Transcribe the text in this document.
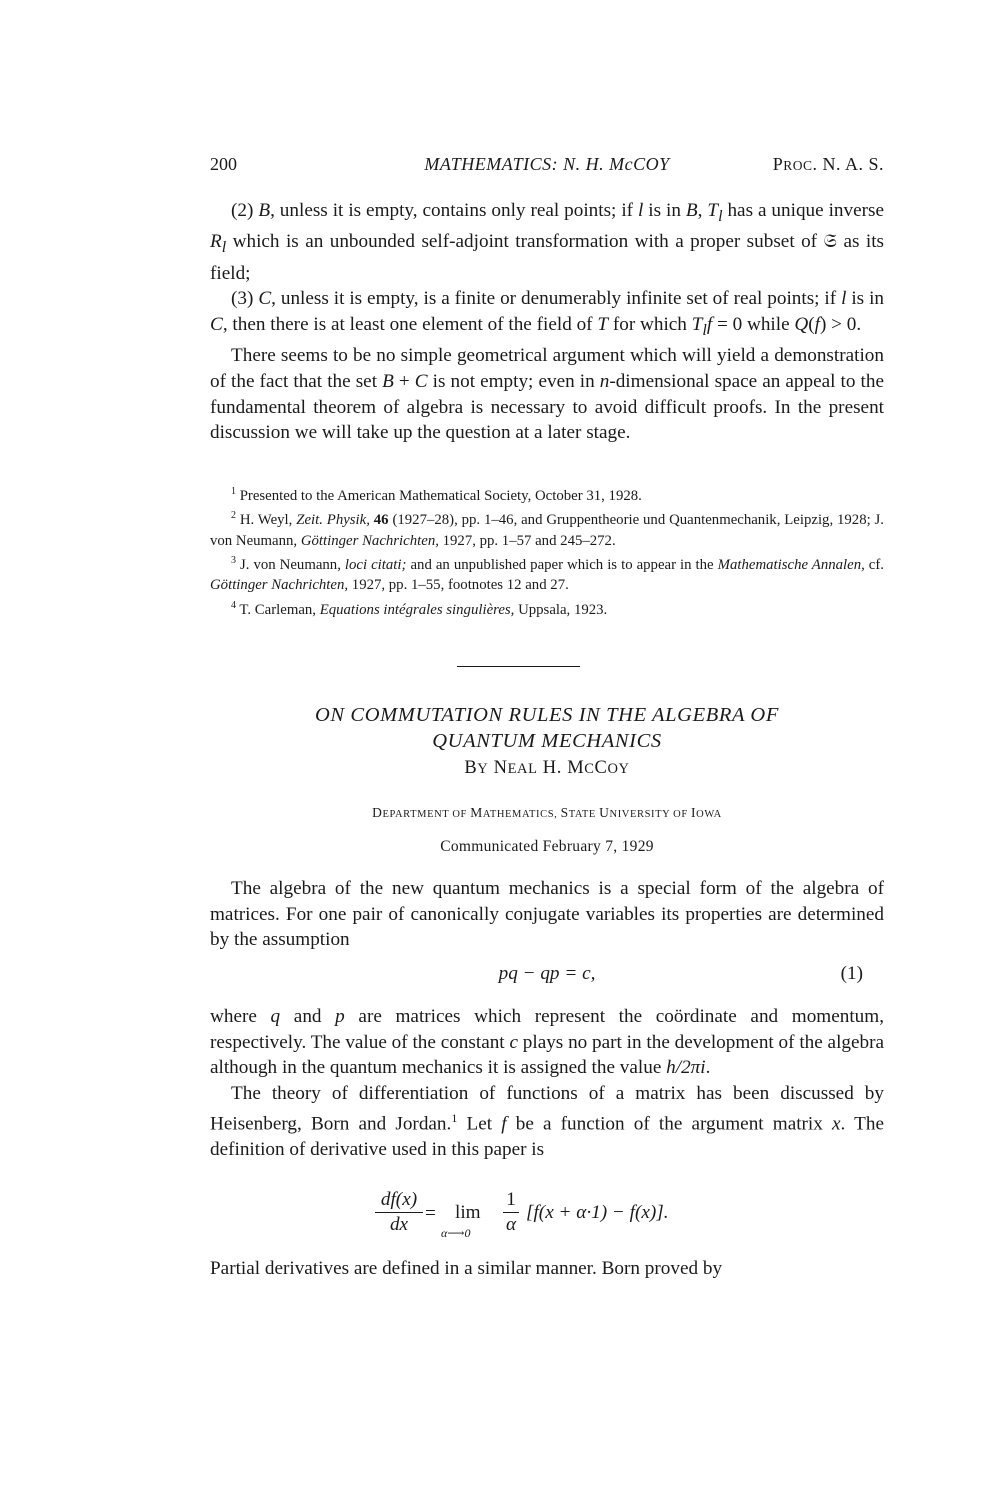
200	MATHEMATICS: N. H. McCOY	PROC. N. A. S.

(2) B, unless it is empty, contains only real points; if l is in B, $T_l$ has a unique inverse $R_l$ which is an unbounded self-adjoint transformation with a proper subset of 𝔖 as its field;

(3) C, unless it is empty, is a finite or denumerably infinite set of real points; if l is in C, then there is at least one element of the field of T for which $T_lf = 0$ while Q(f) > 0.

There seems to be no simple geometrical argument which will yield a demonstration of the fact that the set B + C is not empty; even in n-dimensional space an appeal to the fundamental theorem of algebra is necessary to avoid difficult proofs. In the present discussion we will take up the question at a later stage.

$^1$ Presented to the American Mathematical Society, October 31, 1928.

$^2$ H. Weyl, Zeit. Physik, 46 (1927–28), pp. 1–46, and Gruppentheorie und Quantenmechanik, Leipzig, 1928; J. von Neumann, Göttinger Nachrichten, 1927, pp. 1–57 and 245–272.

$^3$ J. von Neumann, loci citati; and an unpublished paper which is to appear in the Mathematische Annalen, cf. Göttinger Nachrichten, 1927, pp. 1–55, footnotes 12 and 27.

$^4$ T. Carleman, Equations intégrales singulières, Uppsala, 1923.

ON COMMUTATION RULES IN THE ALGEBRA OF
QUANTUM MECHANICS
BY NEAL H. MCCOY
DEPARTMENT OF MATHEMATICS, STATE UNIVERSITY OF IOWA
Communicated February 7, 1929

The algebra of the new quantum mechanics is a special form of the algebra of matrices. For one pair of canonically conjugate variables its properties are determined by the assumption

pq − qp = c,	(1)

where q and p are matrices which represent the coördinate and momentum, respectively. The value of the constant c plays no part in the development of the algebra although in the quantum mechanics it is assigned the value h/2πi.

The theory of differentiation of functions of a matrix has been discussed by Heisenberg, Born and Jordan.$^1$ Let f be a function of the argument matrix x. The definition of derivative used in this paper is

$\frac{df(x)}{dx} = \lim$
α⟶0 $\frac{1}{\alpha} [f(x + \alpha\cdot 1) - f(x)]$.

Partial derivatives are defined in a similar manner. Born proved by
